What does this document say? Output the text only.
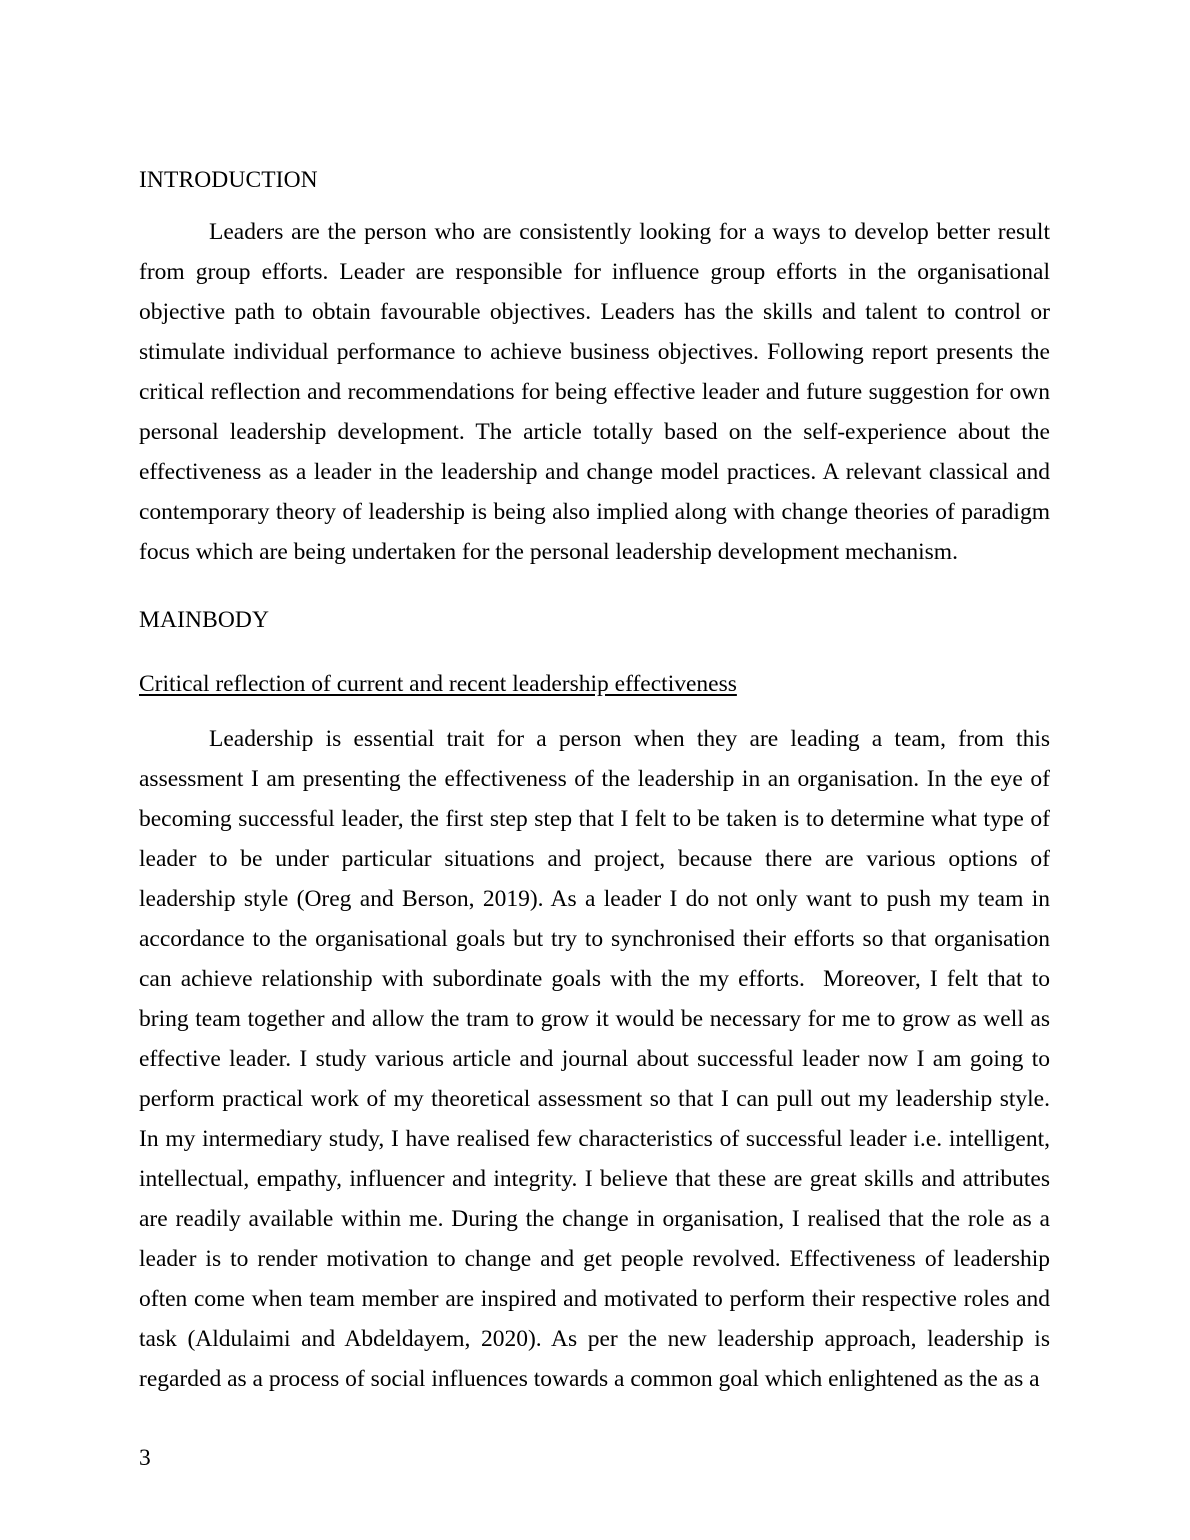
INTRODUCTION

Leaders are the person who are consistently looking for a ways to develop better result from group efforts. Leader are responsible for influence group efforts in the organisational objective path to obtain favourable objectives. Leaders has the skills and talent to control or stimulate individual performance to achieve business objectives. Following report presents the critical reflection and recommendations for being effective leader and future suggestion for own personal leadership development. The article totally based on the self-experience about the effectiveness as a leader in the leadership and change model practices. A relevant classical and contemporary theory of leadership is being also implied along with change theories of paradigm focus which are being undertaken for the personal leadership development mechanism.

MAINBODY
Critical reflection of current and recent leadership effectiveness

Leadership is essential trait for a person when they are leading a team, from this assessment I am presenting the effectiveness of the leadership in an organisation. In the eye of becoming successful leader, the first step step that I felt to be taken is to determine what type of leader to be under particular situations and project, because there are various options of leadership style (Oreg and Berson, 2019). As a leader I do not only want to push my team in accordance to the organisational goals but try to synchronised their efforts so that organisation can achieve relationship with subordinate goals with the my efforts.  Moreover, I felt that to bring team together and allow the tram to grow it would be necessary for me to grow as well as effective leader. I study various article and journal about successful leader now I am going to perform practical work of my theoretical assessment so that I can pull out my leadership style. In my intermediary study, I have realised few characteristics of successful leader i.e. intelligent, intellectual, empathy, influencer and integrity. I believe that these are great skills and attributes are readily available within me. During the change in organisation, I realised that the role as a leader is to render motivation to change and get people revolved. Effectiveness of leadership often come when team member are inspired and motivated to perform their respective roles and task (Aldulaimi and Abdeldayem, 2020). As per the new leadership approach, leadership is regarded as a process of social influences towards a common goal which enlightened as the as a

3
